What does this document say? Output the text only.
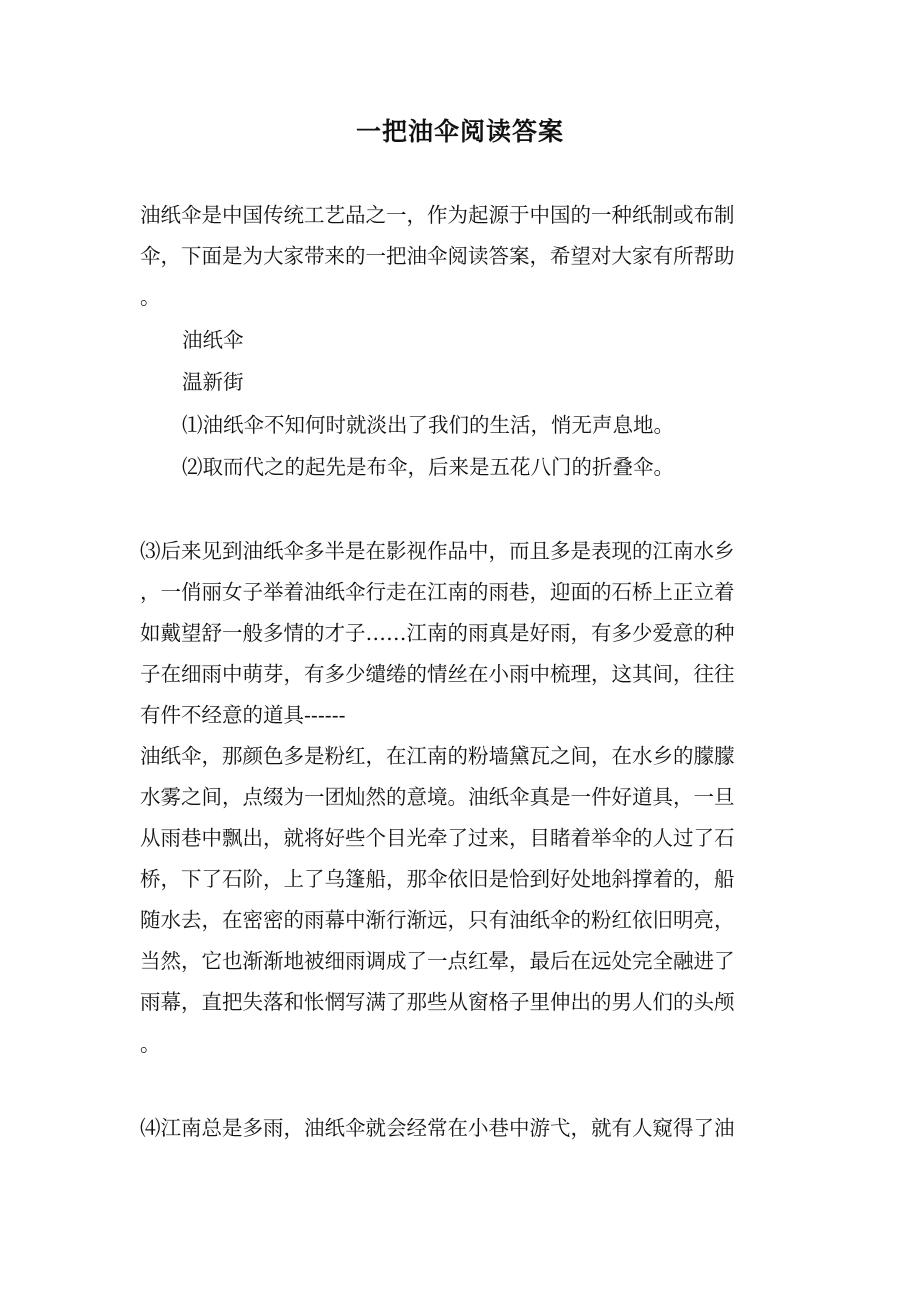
一把油伞阅读答案
油纸伞是中国传统工艺品之一，作为起源于中国的一种纸制或布制
伞，下面是为大家带来的一把油伞阅读答案，希望对大家有所帮助
。
油纸伞
温新街
⑴油纸伞不知何时就淡出了我们的生活，悄无声息地。
⑵取而代之的起先是布伞，后来是五花八门的折叠伞。
⑶后来见到油纸伞多半是在影视作品中，而且多是表现的江南水乡
，一俏丽女子举着油纸伞行走在江南的雨巷，迎面的石桥上正立着
如戴望舒一般多情的才子……江南的雨真是好雨，有多少爱意的种
子在细雨中萌芽，有多少缱绻的情丝在小雨中梳理，这其间，往往
有件不经意的道具------
油纸伞，那颜色多是粉红，在江南的粉墙黛瓦之间，在水乡的朦朦
水雾之间，点缀为一团灿然的意境。油纸伞真是一件好道具，一旦
从雨巷中飘出，就将好些个目光牵了过来，目睹着举伞的人过了石
桥，下了石阶，上了乌篷船，那伞依旧是恰到好处地斜撑着的，船
随水去，在密密的雨幕中渐行渐远，只有油纸伞的粉红依旧明亮，
当然，它也渐渐地被细雨调成了一点红晕，最后在远处完全融进了
雨幕，直把失落和怅惘写满了那些从窗格子里伸出的男人们的头颅
。
⑷江南总是多雨，油纸伞就会经常在小巷中游弋，就有人窥得了油
